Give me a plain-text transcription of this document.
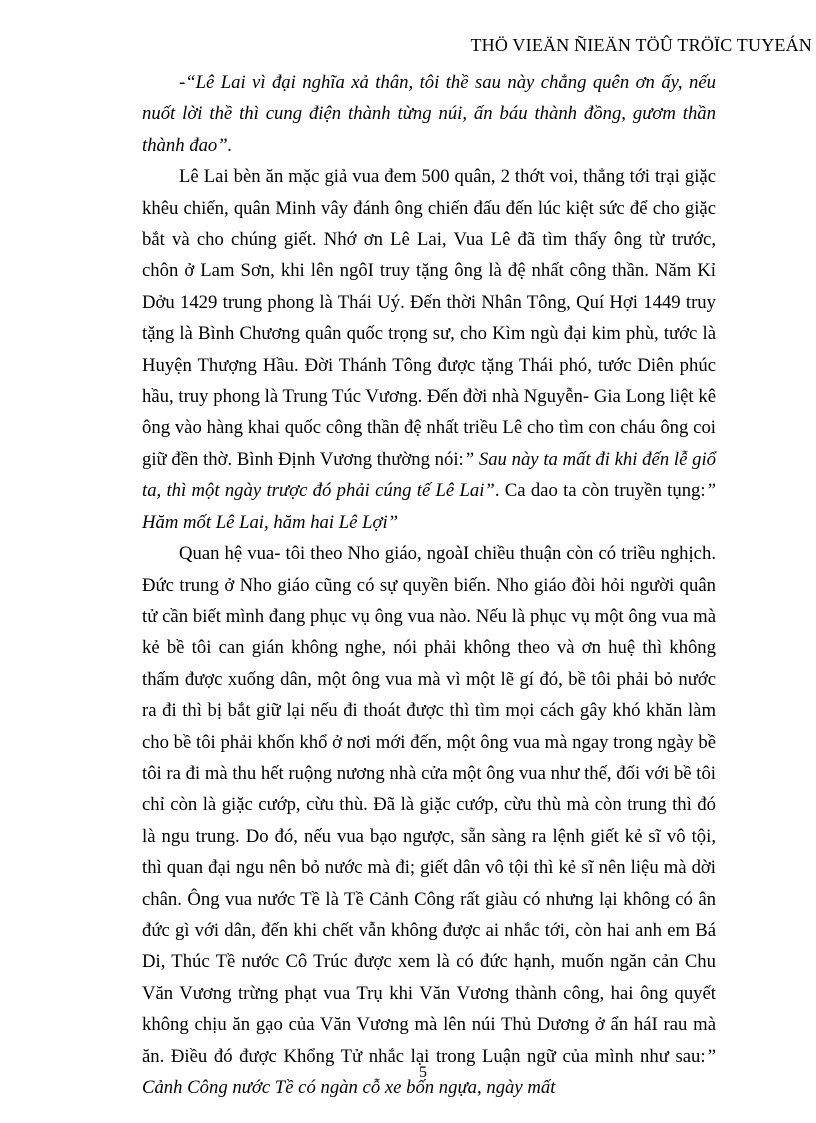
THÖ VIEÄN ÑIEÄN TÖÛ TRÖÏC TUYEÁN

-“Lê Lai vì đại nghĩa xả thân, tôi thề sau này chẳng quên ơn ấy, nếu nuốt lời thề thì cung điện thành từng núi, ấn báu thành đồng, gươm thần thành đao”.

Lê Lai bèn ăn mặc giả vua đem 500 quân, 2 thớt voi, thẳng tới trại giặc khêu chiến, quân Minh vây đánh ông chiến đấu đến lúc kiệt sức để cho giặc bắt và cho chúng giết. Nhớ ơn Lê Lai, Vua Lê đã tìm thấy ông từ trước, chôn ở Lam Sơn, khi lên ngôI truy tặng ông là đệ nhất công thần. Năm Kỉ Dởu 1429 trung phong là Thái Uý. Đến thời Nhân Tông, Quí Hợi 1449 truy tặng là Bình Chương quân quốc trọng sư, cho Kìm ngù đại kim phù, tước là Huyện Thượng Hầu. Đời Thánh Tông được tặng Thái phó, tước Diên phúc hầu, truy phong là Trung Túc Vương. Đến đời nhà Nguyễn- Gia Long liệt kê ông vào hàng khai quốc công thần đệ nhất triều Lê cho tìm con cháu ông coi giữ đền thờ. Bình Định Vương thường nói:” Sau này ta mất đi khi đến lễ giổ ta, thì một ngày trược đó phải cúng tế Lê Lai”. Ca dao ta còn truyền tụng:” Hăm mốt Lê Lai, hăm hai Lê Lợi”

Quan hệ vua- tôi theo Nho giáo, ngoàI chiều thuận còn có triều nghịch. Đức trung ở Nho giáo cũng có sự quyền biến. Nho giáo đòi hỏi người quân tử cần biết mình đang phục vụ ông vua nào. Nếu là phục vụ một ông vua mà kẻ bề tôi can gián không nghe, nói phải không theo và ơn huệ thì không thấm được xuống dân, một ông vua mà vì một lẽ gí đó, bề tôi phải bỏ nước ra đi thì bị bắt giữ lại nếu đi thoát được thì tìm mọi cách gây khó khăn làm cho bề tôi phải khốn khổ ở nơi mới đến, một ông vua mà ngay trong ngày bề tôi ra đi mà thu hết ruộng nương nhà cửa một ông vua như thế, đối với bề tôi chỉ còn là giặc cướp, cừu thù. Đã là giặc cướp, cừu thù mà còn trung thì đó là ngu trung. Do đó, nếu vua bạo ngược, sẵn sàng ra lệnh giết kẻ sĩ vô tội, thì quan đại ngu nên bỏ nước mà đi; giết dân vô tội thì kẻ sĩ nên liệu mà dời chân. Ông vua nước Tề là Tề Cảnh Công rất giàu có nhưng lại không có ân đức gì với dân, đến khi chết vẫn không được ai nhắc tới, còn hai anh em Bá Di, Thúc Tề nước Cô Trúc được xem là có đức hạnh, muốn ngăn cản Chu Văn Vương trừng phạt vua Trụ khi Văn Vương thành công, hai ông quyết không chịu ăn gạo của Văn Vương mà lên núi Thủ Dương ở ẩn háI rau mà ăn. Điều đó được Khổng Tử nhắc lại trong Luận ngữ của mình như sau:” Cảnh Công nước Tề có ngàn cỗ xe bốn ngựa, ngày mất

5
